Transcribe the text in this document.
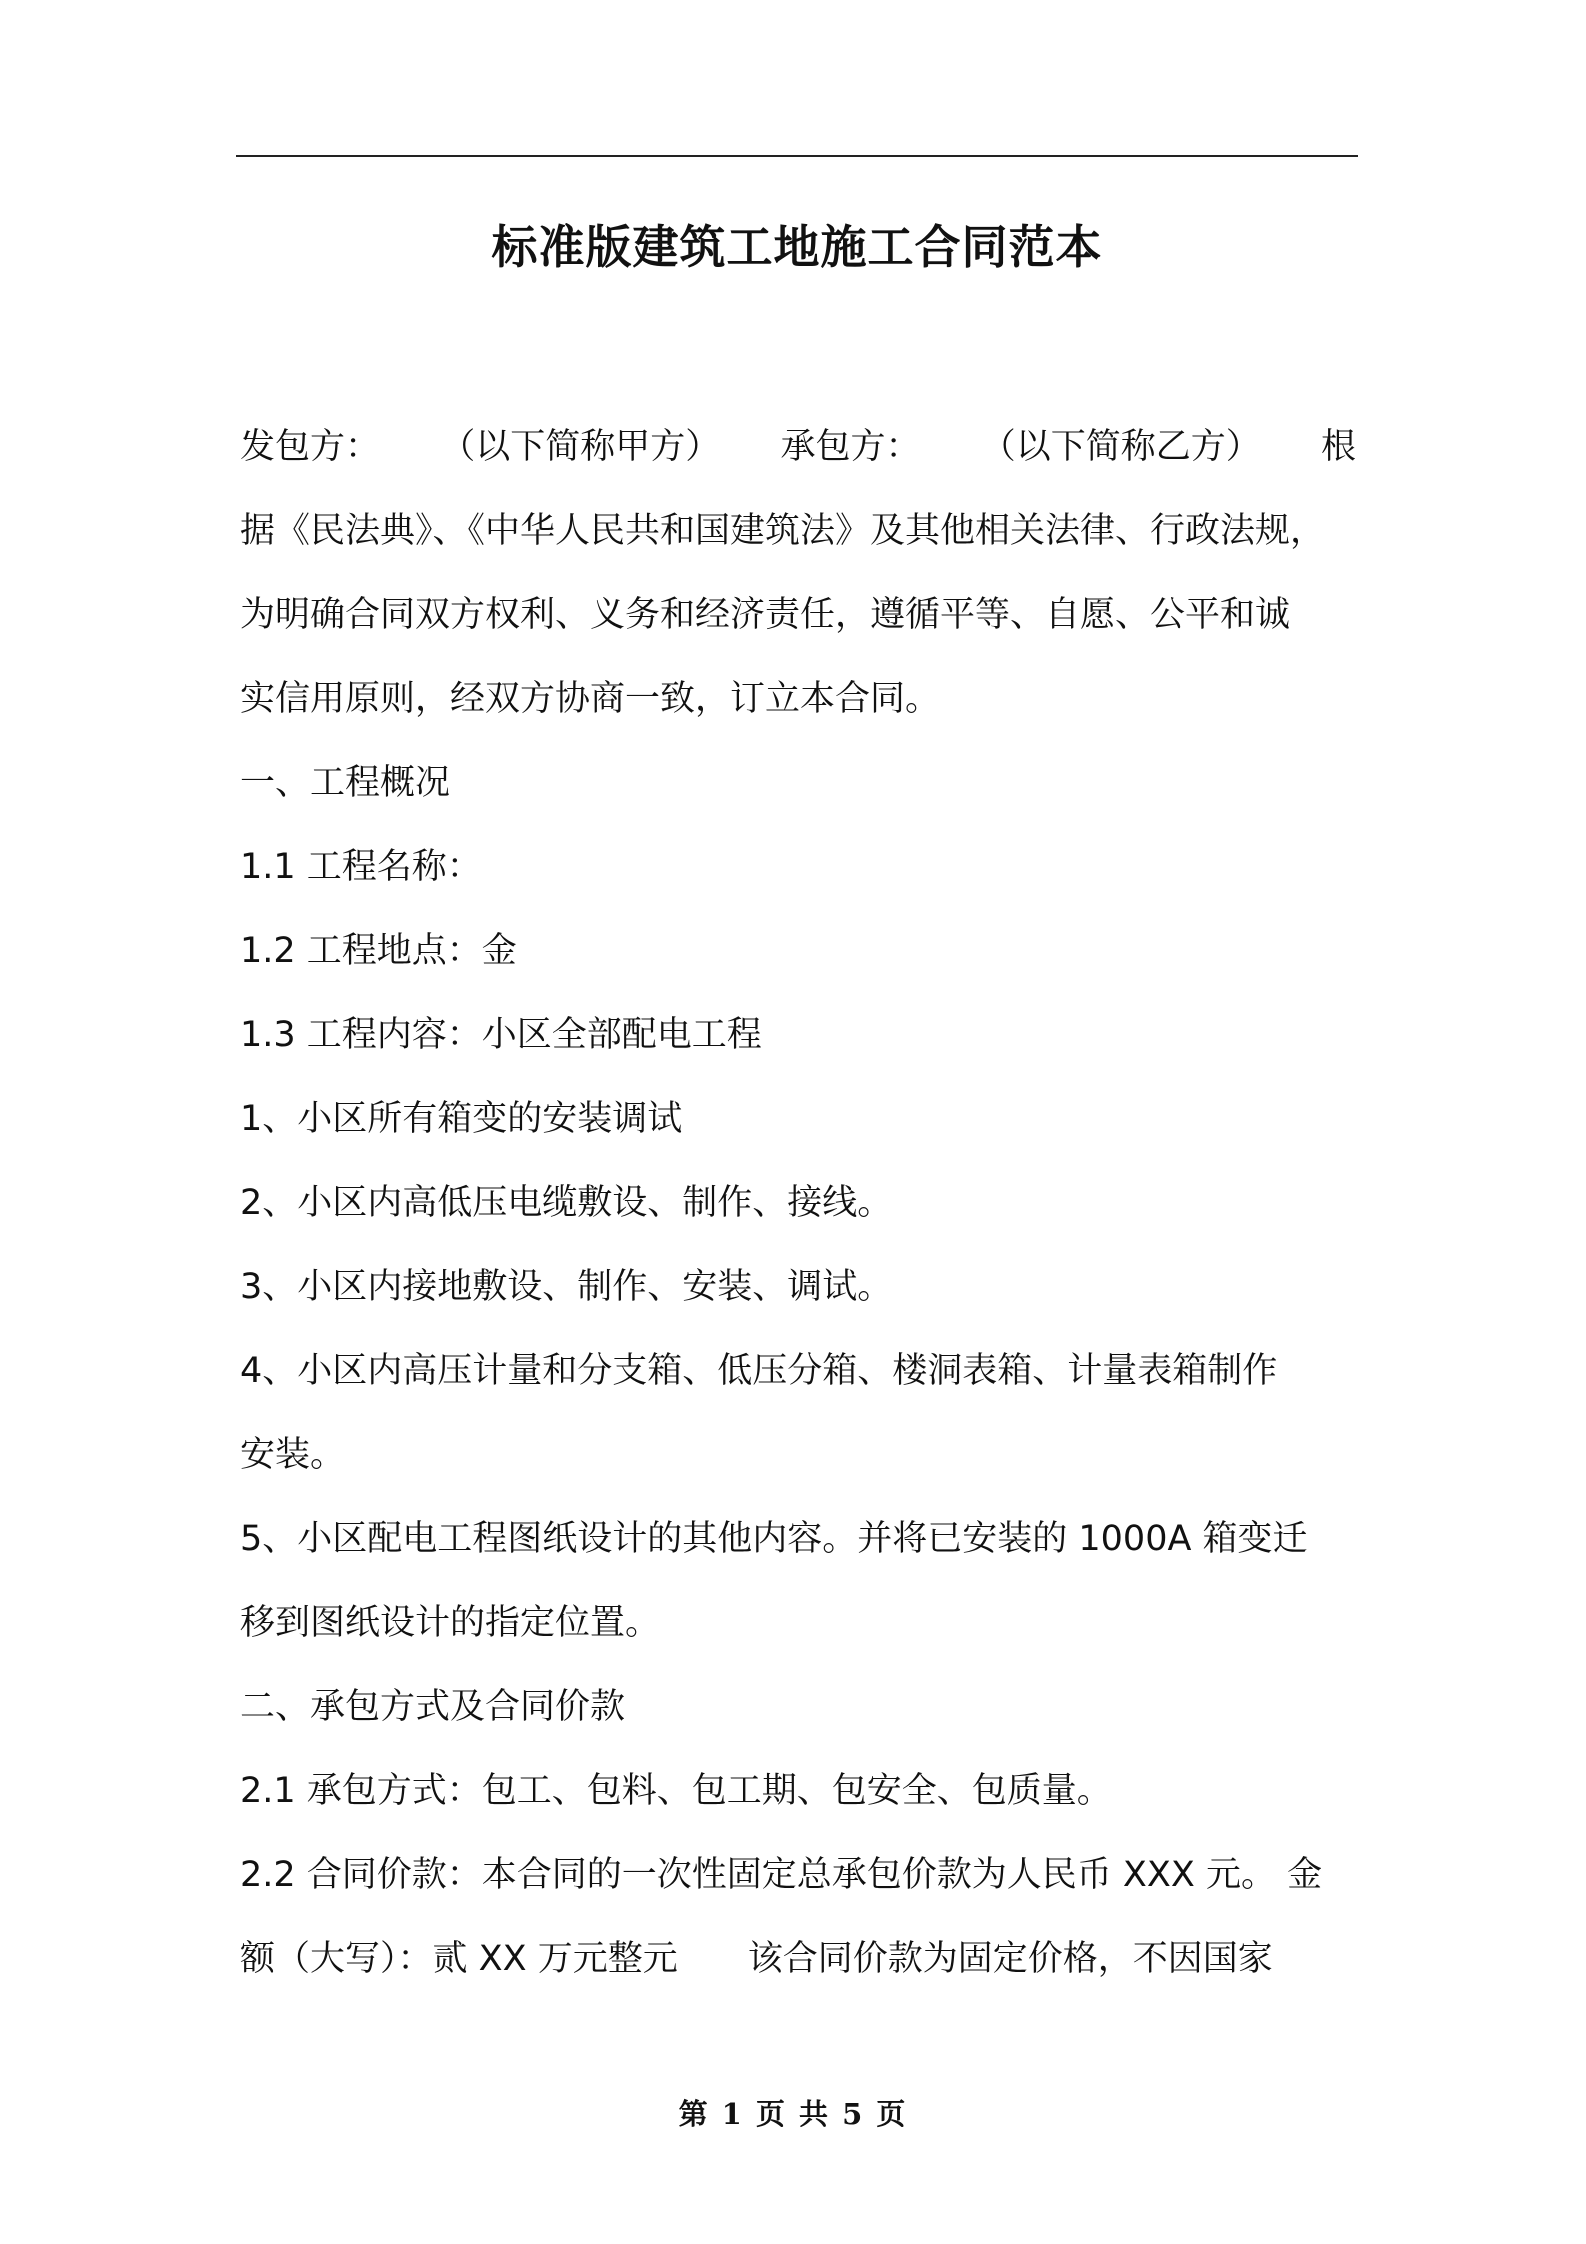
标准版建筑工地施工合同范本
发包方： （以下简称甲方） 承包方： （以下简称乙方） 根

据《民法典》、《中华人民共和国建筑法》及其他相关法律、行政法规，

为明确合同双方权利、义务和经济责任，遵循平等、自愿、公平和诚

实信用原则，经双方协商一致，订立本合同。

一、工程概况

1.1 工程名称：

1.2 工程地点：金

1.3 工程内容：小区全部配电工程

1、小区所有箱变的安装调试

2、小区内高低压电缆敷设、制作、接线。

3、小区内接地敷设、制作、安装、调试。

4、小区内高压计量和分支箱、低压分箱、楼洞表箱、计量表箱制作

安装。

5、小区配电工程图纸设计的其他内容。并将已安装的 1000A 箱变迁

移到图纸设计的指定位置。

二、承包方式及合同价款

2.1 承包方式：包工、包料、包工期、包安全、包质量。

2.2 合同价款：本合同的一次性固定总承包价款为人民币 XXX 元。 金

额（大写）：贰 XX 万元整元　　该合同价款为固定价格，不因国家

第 1 页 共 5 页
